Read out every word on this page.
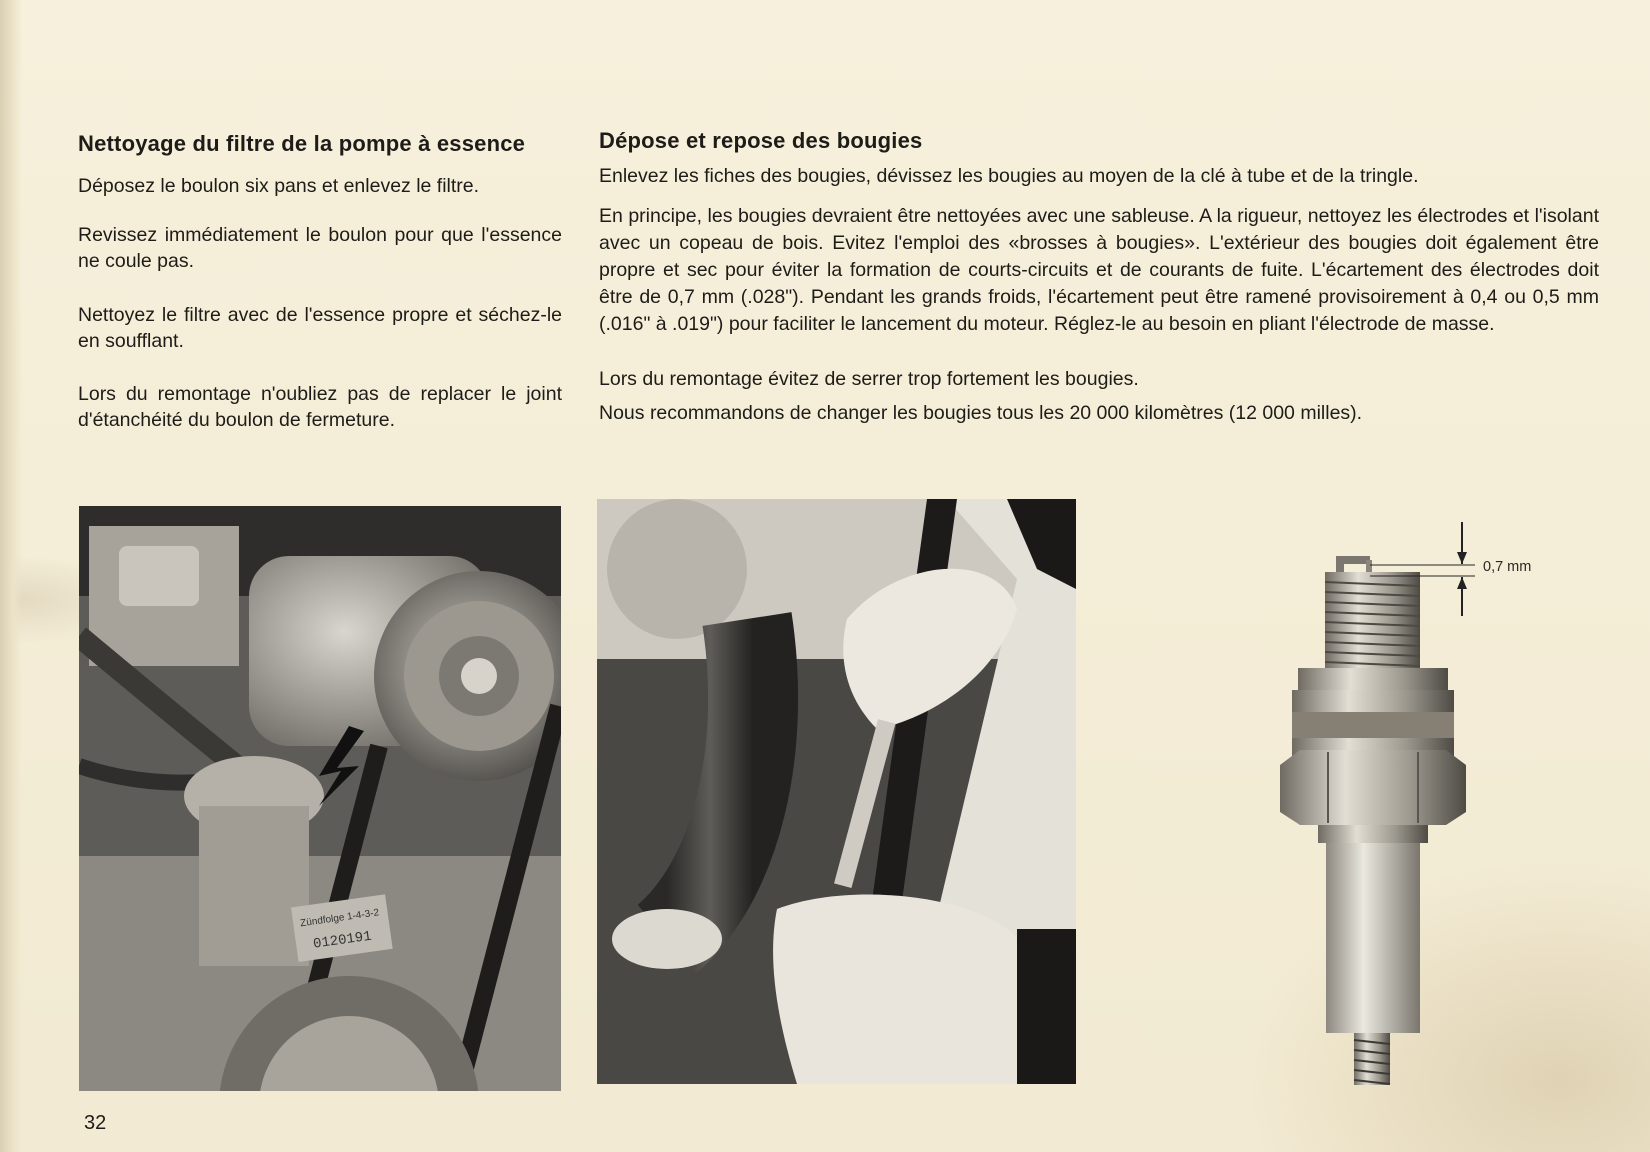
Nettoyage du filtre de la pompe à essence

Déposez le boulon six pans et enlevez le filtre.

Revissez immédiatement le boulon pour que l'essence ne coule pas.

Nettoyez le filtre avec de l'essence propre et séchez-le en soufflant.

Lors du remontage n'oubliez pas de replacer le joint d'étanchéité du boulon de fermeture.

Dépose et repose des bougies

Enlevez les fiches des bougies, dévissez les bougies au moyen de la clé à tube et de la tringle.

En principe, les bougies devraient être nettoyées avec une sableuse. A la rigueur, nettoyez les électrodes et l'isolant avec un copeau de bois. Evitez l'emploi des «brosses à bougies». L'extérieur des bougies doit également être propre et sec pour éviter la formation de courts-circuits et de courants de fuite. L'écartement des électrodes doit être de 0,7 mm (.028"). Pendant les grands froids, l'écartement peut être ramené provisoirement à 0,4 ou 0,5 mm (.016" à .019") pour faciliter le lancement du moteur. Réglez-le au besoin en pliant l'électrode de masse.

Lors du remontage évitez de serrer trop fortement les bougies.

Nous recommandons de changer les bougies tous les 20 000 kilomètres (12 000 milles).

Zündfolge 1-4-3-2
0120191
0,7 mm
32
